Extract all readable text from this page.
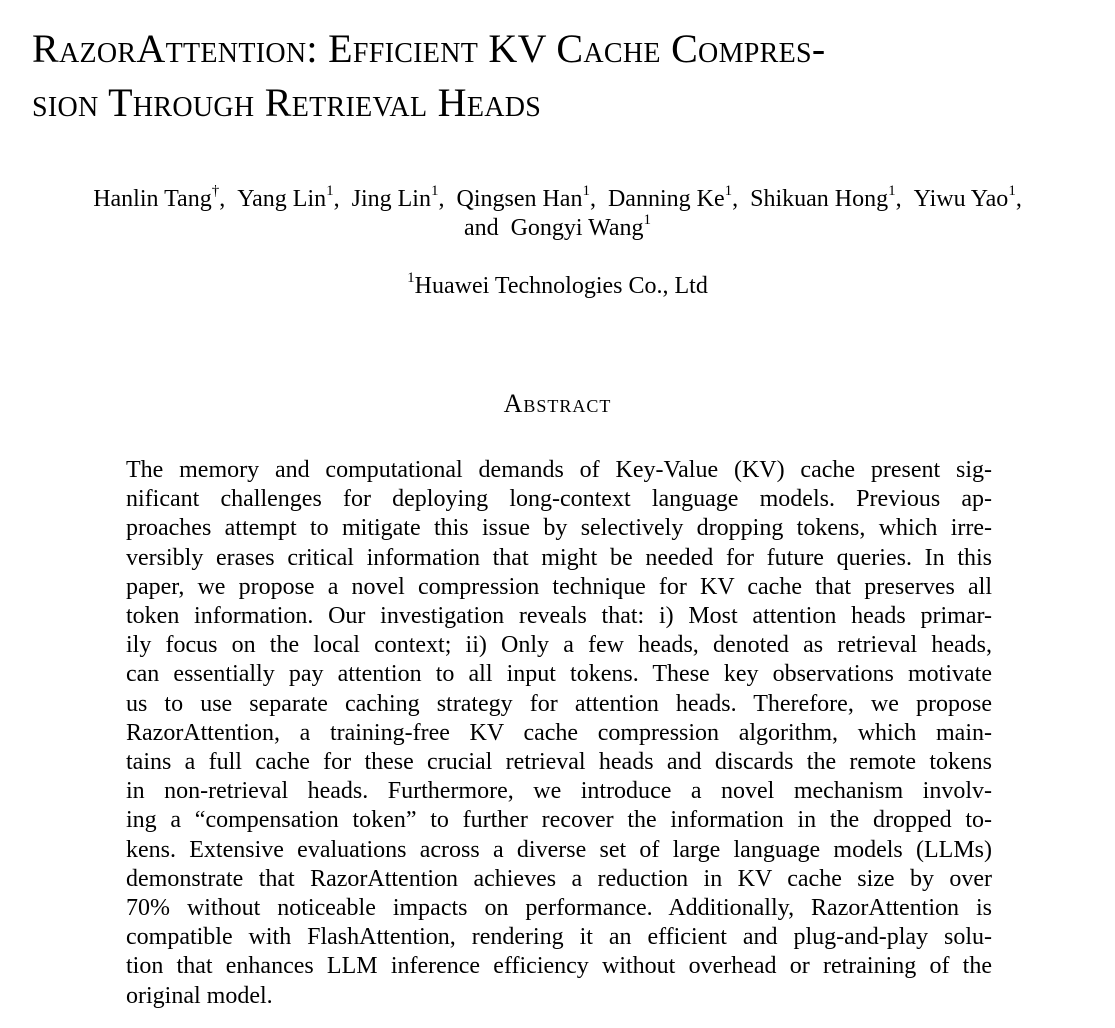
RazorAttention: Efficient KV Cache Compres-
sion Through Retrieval Heads
Hanlin Tang†, Yang Lin$^1$, Jing Lin$^1$, Qingsen Han$^1$, Danning Ke$^1$, Shikuan Hong$^1$, Yiwu Yao$^1$,
and Gongyi Wang$^1$
$^1$Huawei Technologies Co., Ltd
Abstract
The memory and computational demands of Key-Value (KV) cache present sig-
nificant challenges for deploying long-context language models. Previous ap-
proaches attempt to mitigate this issue by selectively dropping tokens, which irre-
versibly erases critical information that might be needed for future queries. In this
paper, we propose a novel compression technique for KV cache that preserves all
token information. Our investigation reveals that: i) Most attention heads primar-
ily focus on the local context; ii) Only a few heads, denoted as retrieval heads,
can essentially pay attention to all input tokens. These key observations motivate
us to use separate caching strategy for attention heads. Therefore, we propose
RazorAttention, a training-free KV cache compression algorithm, which main-
tains a full cache for these crucial retrieval heads and discards the remote tokens
in non-retrieval heads. Furthermore, we introduce a novel mechanism involv-
ing a “compensation token” to further recover the information in the dropped to-
kens. Extensive evaluations across a diverse set of large language models (LLMs)
demonstrate that RazorAttention achieves a reduction in KV cache size by over
70% without noticeable impacts on performance. Additionally, RazorAttention is
compatible with FlashAttention, rendering it an efficient and plug-and-play solu-
tion that enhances LLM inference efficiency without overhead or retraining of the
original model.
